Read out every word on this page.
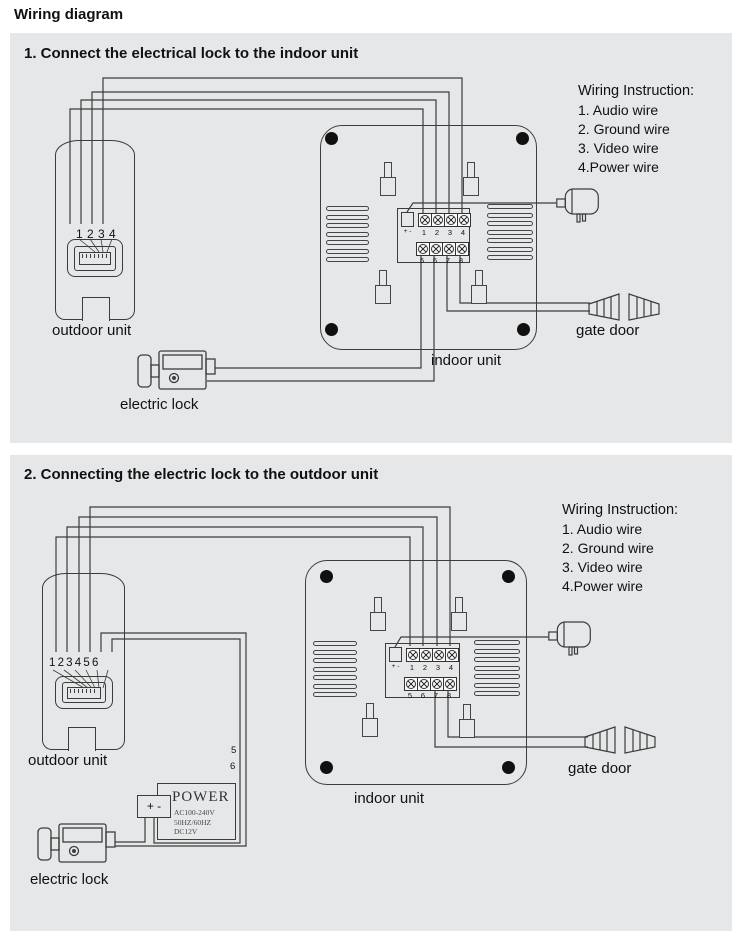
Wiring diagram
1. Connect the electrical lock to the indoor unit
Wiring Instruction:
1. Audio wire
2. Ground wire
3. Video wire
4.Power wire
1 2 3 4
outdoor unit
+ -	1	2	3	4
5	6	7	8
indoor unit
gate door
electric lock
2. Connecting the electric lock to the outdoor unit
Wiring Instruction:
1. Audio wire
2. Ground wire
3. Video wire
4.Power wire
1 2 3 4 5 6
outdoor unit
5
6
+ -	1	2	3	4
5	6	7	8
indoor unit
gate door
POWER
AC100-240V
50HZ/60HZ
DC12V
+ -
electric lock
